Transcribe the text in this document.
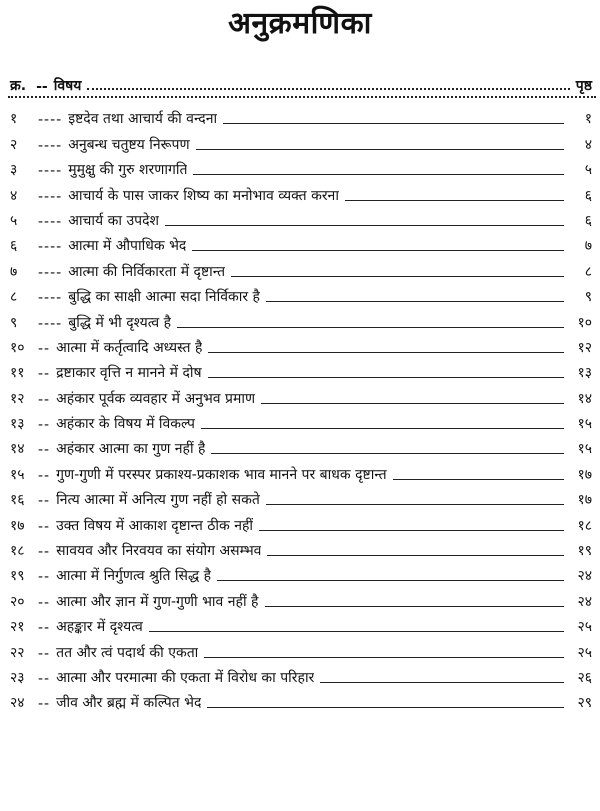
अनुक्रमणिका
क्र. -- विषय	पृष्ठ
१	---- इष्टदेव तथा आचार्य की वन्दना	१
२	---- अनुबन्ध चतुष्टय निरूपण	४
३	---- मुमुक्षु की गुरु शरणागति	५
४	---- आचार्य के पास जाकर शिष्य का मनोभाव व्यक्त करना	६
५	---- आचार्य का उपदेश	६
६	---- आत्मा में औपाधिक भेद	७
७	---- आत्मा की निर्विकारता में दृष्टान्त	८
८	---- बुद्धि का साक्षी आत्मा सदा निर्विकार है	९
९	---- बुद्धि में भी दृश्यत्व है	१०
१० -- आत्मा में कर्तृत्वादि अध्यस्त है	१२
११ -- द्रष्टाकार वृत्ति न मानने में दोष	१३
१२ -- अहंकार पूर्वक व्यवहार में अनुभव प्रमाण	१४
१३ -- अहंकार के विषय में विकल्प	१५
१४ -- अहंकार आत्मा का गुण नहीं है	१५
१५ -- गुण-गुणी में परस्पर प्रकाश्य-प्रकाशक भाव मानने पर बाधक दृष्टान्त	१७
१६ -- नित्य आत्मा में अनित्य गुण नहीं हो सकते	१७
१७ -- उक्त विषय में आकाश दृष्टान्त ठीक नहीं	१८
१८ -- सावयव और निरवयव का संयोग असम्भव	१९
१९ -- आत्मा में निर्गुणत्व श्रुति सिद्ध है	२४
२० -- आत्मा और ज्ञान में गुण-गुणी भाव नहीं है	२४
२१ -- अहङ्कार में दृश्यत्व	२५
२२ -- तत और त्वं पदार्थ की एकता	२५
२३ -- आत्मा और परमात्मा की एकता में विरोध का परिहार	२६
२४ -- जीव और ब्रह्म में कल्पित भेद	२९
